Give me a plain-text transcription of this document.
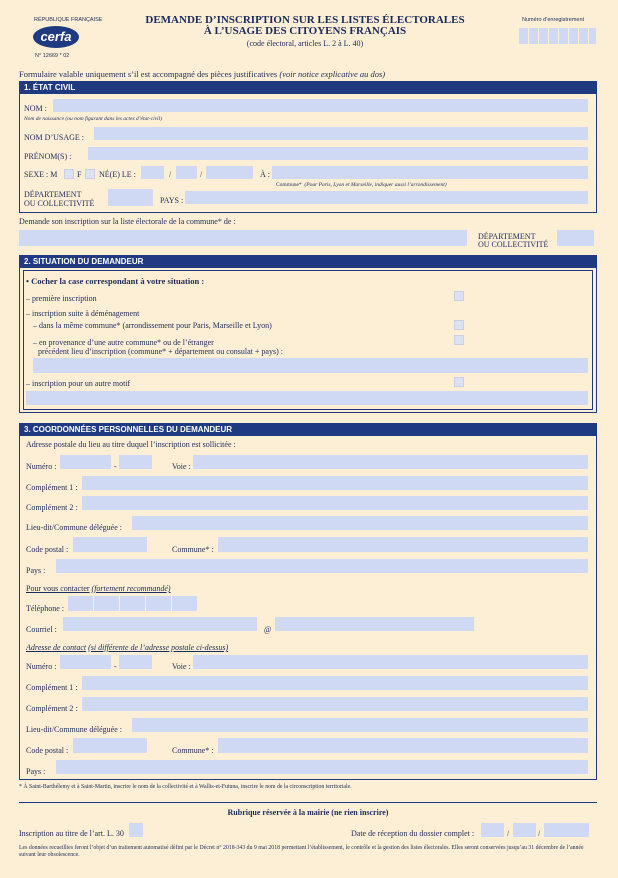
RÉPUBLIQUE FRANÇAISE
cerfa
N° 12669 * 02
DEMANDE D’INSCRIPTION SUR LES LISTES ÉLECTORALES
À L’USAGE DES CITOYENS FRANÇAIS
(code électoral, articles L. 2 à L. 40)
Numéro d’enregistrement
Formulaire valable uniquement s’il est accompagné des pièces justificatives (voir notice explicative au dos)
1. ÉTAT CIVIL
NOM :
Nom de naissance (ou nom figurant dans les actes d’état-civil)
NOM D’USAGE :
PRÉNOM(S) :
SEXE : M F NÉ(E) LE :	/	/	À :
Commune* (Pour Paris, Lyon et Marseille, indiquer aussi l’arrondissement)
DÉPARTEMENT
OU COLLECTIVITÉ	PAYS :
Demande son inscription sur la liste électorale de la commune* de :
DÉPARTEMENT
OU COLLECTIVITÉ
2. SITUATION DU DEMANDEUR
• Cocher la case correspondant à votre situation :
– première inscription
– inscription suite à déménagement
– dans la même commune* (arrondissement pour Paris, Marseille et Lyon)
– en provenance d’une autre commune* ou de l’étranger
précédent lieu d’inscription (commune* + département ou consulat + pays) :
– inscription pour un autre motif
3. COORDONNÉES PERSONNELLES DU DEMANDEUR
Adresse postale du lieu au titre duquel l’inscription est sollicitée :
Numéro :	-	Voie :
Complément 1 :
Complément 2 :
Lieu-dit/Commune déléguée :
Code postal :	Commune* :
Pays :
Pour vous contacter (fortement recommandé)
Téléphone :
Courriel :	@
Adresse de contact (si différente de l’adresse postale ci-dessus)
Numéro :	-	Voie :
Complément 1 :
Complément 2 :
Lieu-dit/Commune déléguée :
Code postal :	Commune* :
Pays :
* À Saint-Barthélemy et à Saint-Martin, inscrire le nom de la collectivité et à Wallis-et-Futuna, inscrire le nom de la circonscription territoriale.
Rubrique réservée à la mairie (ne rien inscrire)
Inscription au titre de l’art. L. 30	Date de réception du dossier complet :	/	/
Les données recueillies feront l’objet d’un traitement automatisé défini par le Décret n° 2018-343 du 9 mai 2018 permettant l’établissement, le contrôle et la gestion des listes électorales. Elles seront conservées jusqu’au 31 décembre de l’année suivant leur obsolescence.
